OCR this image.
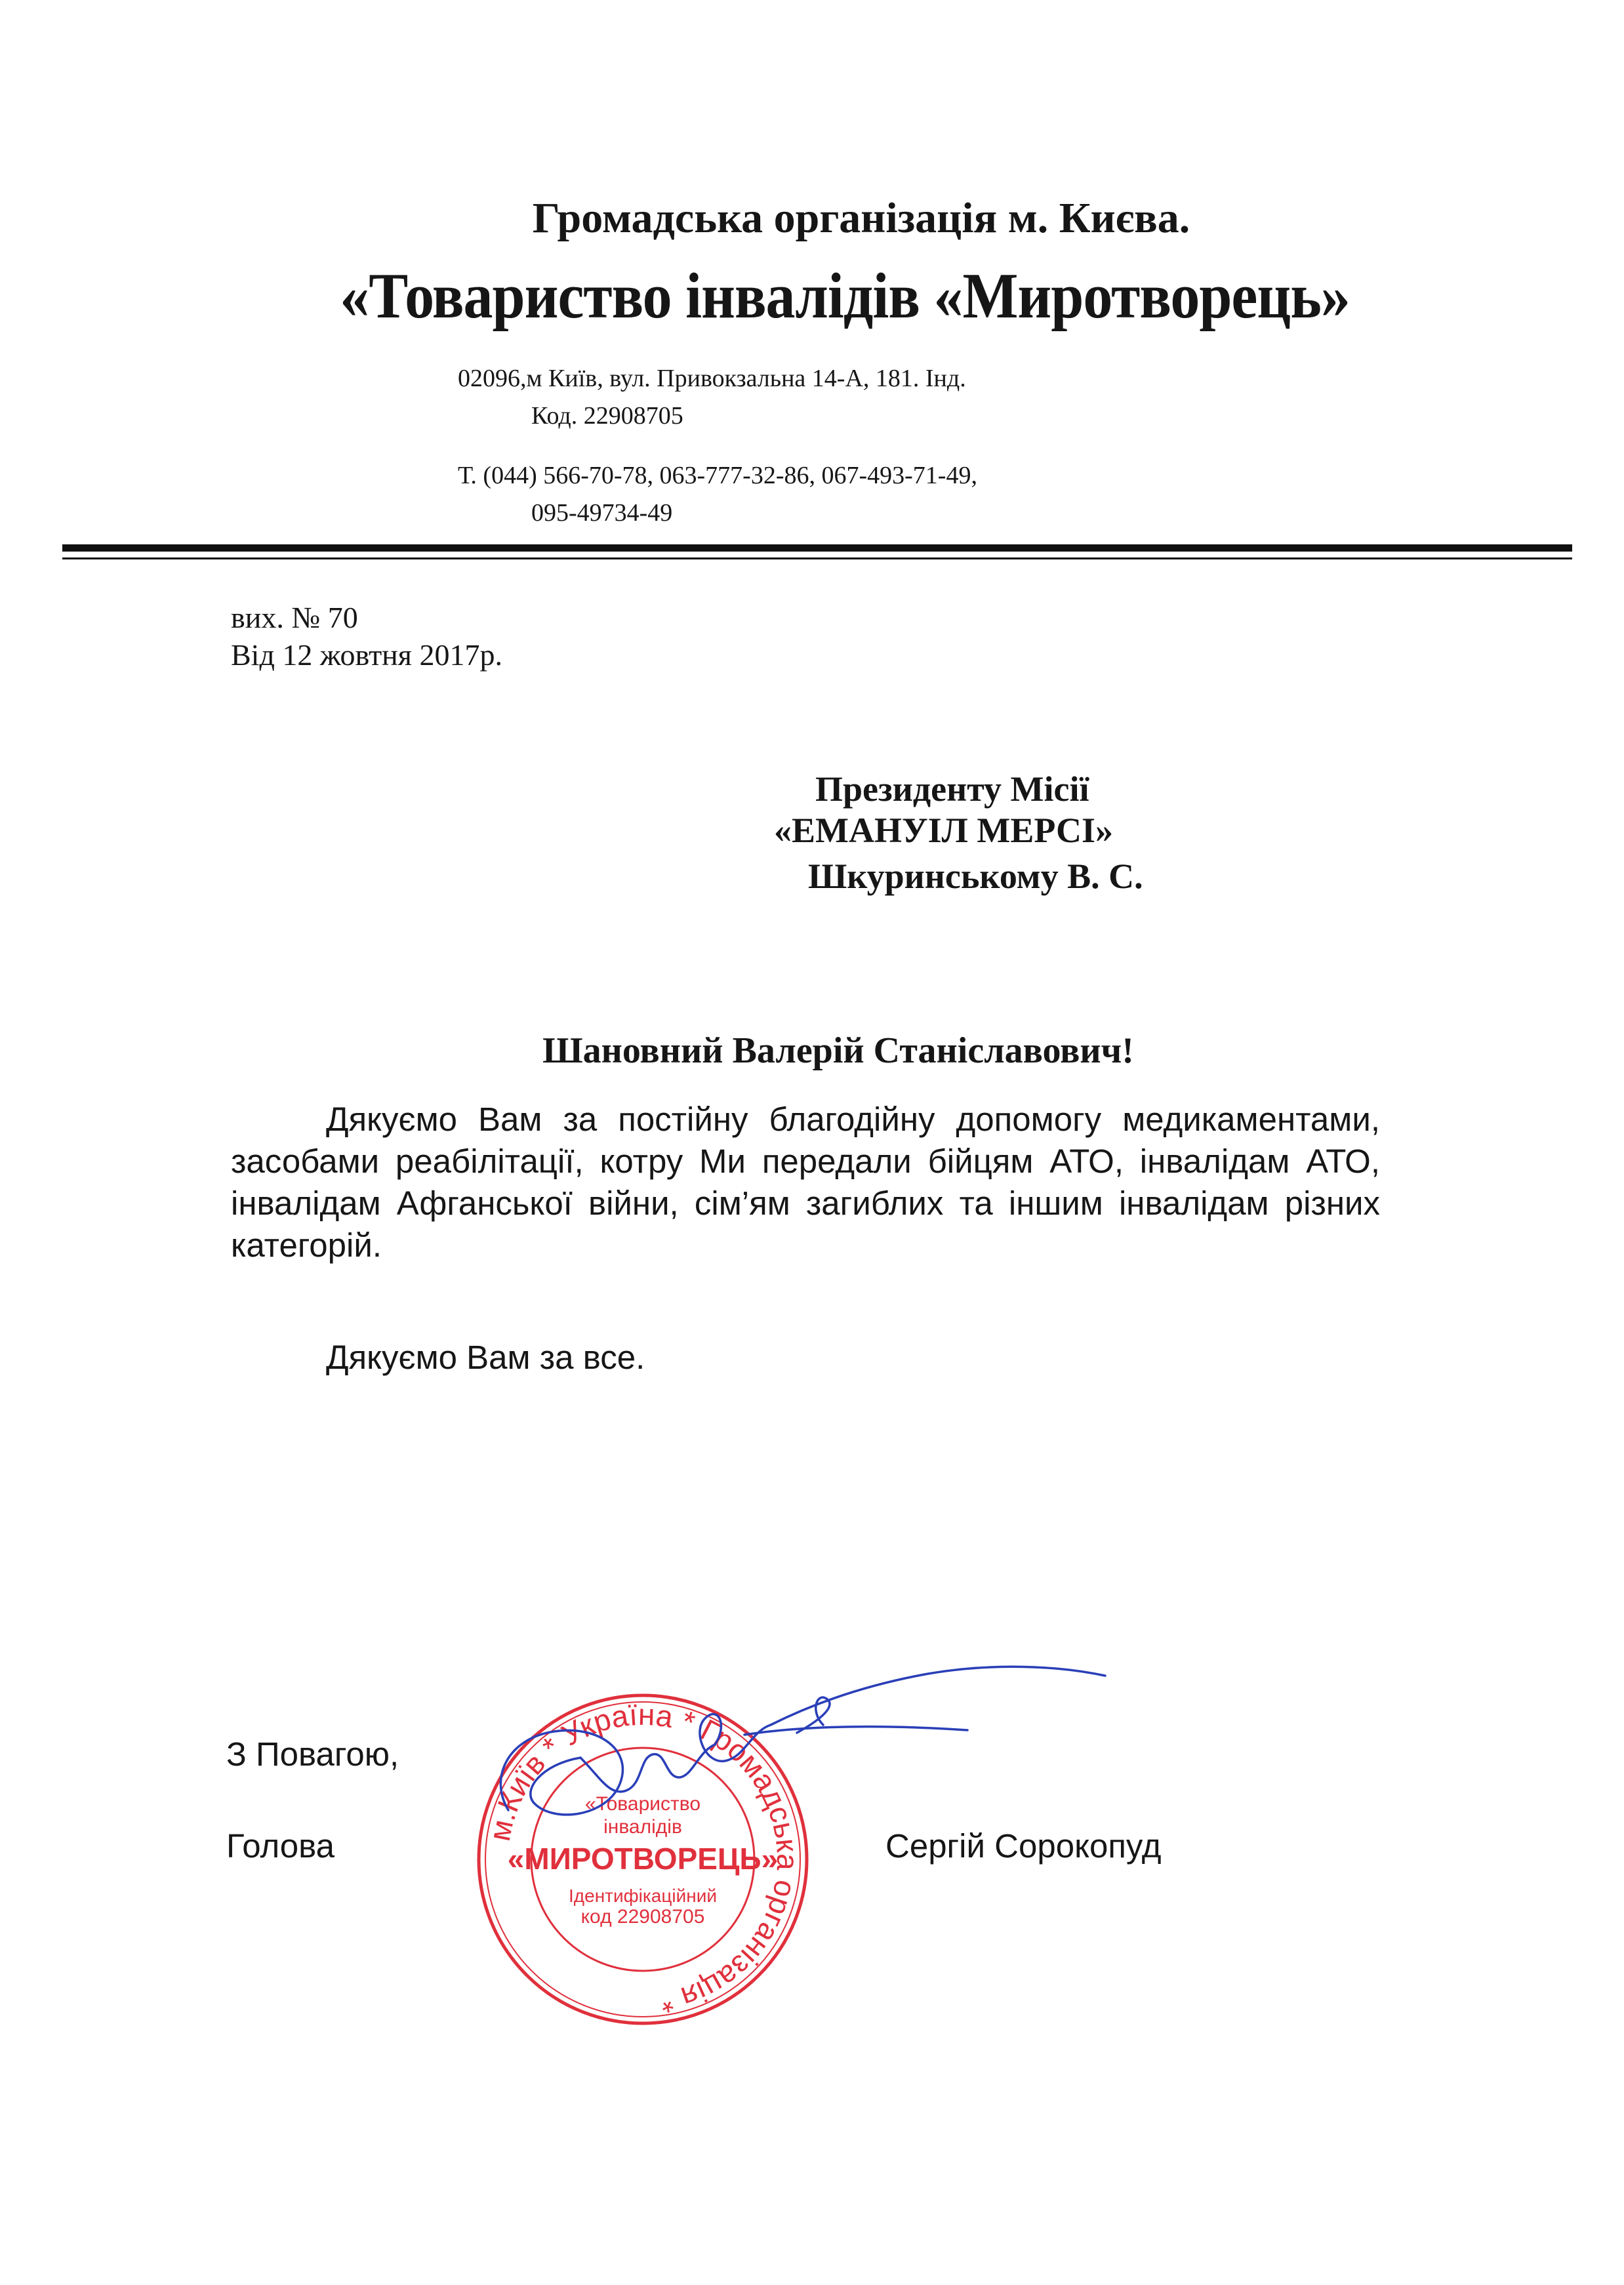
Громадська організація м. Києва.
«Товариство інвалідів «Миротворець»
02096,м Київ, вул. Привокзальна 14-А, 181. Інд.
Код. 22908705
Т. (044) 566-70-78, 063-777-32-86, 067-493-71-49,
095-49734-49
вих. № 70
Від 12 жовтня 2017р.
Президенту Місії
«ЕМАНУІЛ МЕРСІ»
Шкуринському В. С.
Шановний Валерій Станіславович!
Дякуємо Вам за постійну благодійну допомогу медикаментами, засобами реабілітації, котру Ми передали бійцям АТО, інвалідам АТО, інвалідам Афганської війни, сім’ям загиблих та іншим інвалідам різних категорій.
Дякуємо Вам за все.
З Повагою,
Голова	Сергій Сорокопуд
м.Київ * Україна * Громадська організація *
«Товариство
інвалідів
«МИРОТВОРЕЦЬ»
Ідентифікаційний
код 22908705
